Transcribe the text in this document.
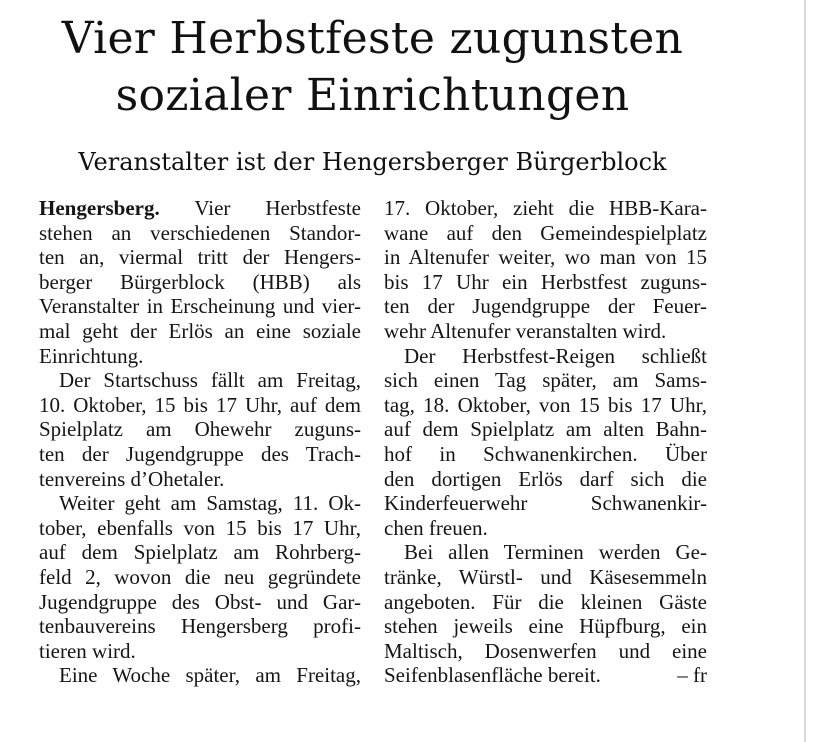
Vier Herbstfeste zugunsten
sozialer Einrichtungen
Veranstalter ist der Hengersberger Bürgerblock
Hengersberg. Vier Herbstfeste
stehen an verschiedenen Standor-
ten an, viermal tritt der Hengers-
berger Bürgerblock (HBB) als
Veranstalter in Erscheinung und vier-
mal geht der Erlös an eine soziale
Einrichtung.
Der Startschuss fällt am Freitag,
10. Oktober, 15 bis 17 Uhr, auf dem
Spielplatz am Ohewehr zuguns-
ten der Jugendgruppe des Trach-
tenvereins d’Ohetaler.
Weiter geht am Samstag, 11. Ok-
tober, ebenfalls von 15 bis 17 Uhr,
auf dem Spielplatz am Rohrberg-
feld 2, wovon die neu gegründete
Jugendgruppe des Obst- und Gar-
tenbauvereins Hengersberg profi-
tieren wird.
Eine Woche später, am Freitag,
17. Oktober, zieht die HBB-Kara-
wane auf den Gemeindespielplatz
in Altenufer weiter, wo man von 15
bis 17 Uhr ein Herbstfest zuguns-
ten der Jugendgruppe der Feuer-
wehr Altenufer veranstalten wird.
Der Herbstfest-Reigen schließt
sich einen Tag später, am Sams-
tag, 18. Oktober, von 15 bis 17 Uhr,
auf dem Spielplatz am alten Bahn-
hof in Schwanenkirchen. Über
den dortigen Erlös darf sich die
Kinderfeuerwehr Schwanenkir-
chen freuen.
Bei allen Terminen werden Ge-
tränke, Würstl- und Käsesemmeln
angeboten. Für die kleinen Gäste
stehen jeweils eine Hüpfburg, ein
Maltisch, Dosenwerfen und eine
Seifenblasenfläche bereit.	– fr
